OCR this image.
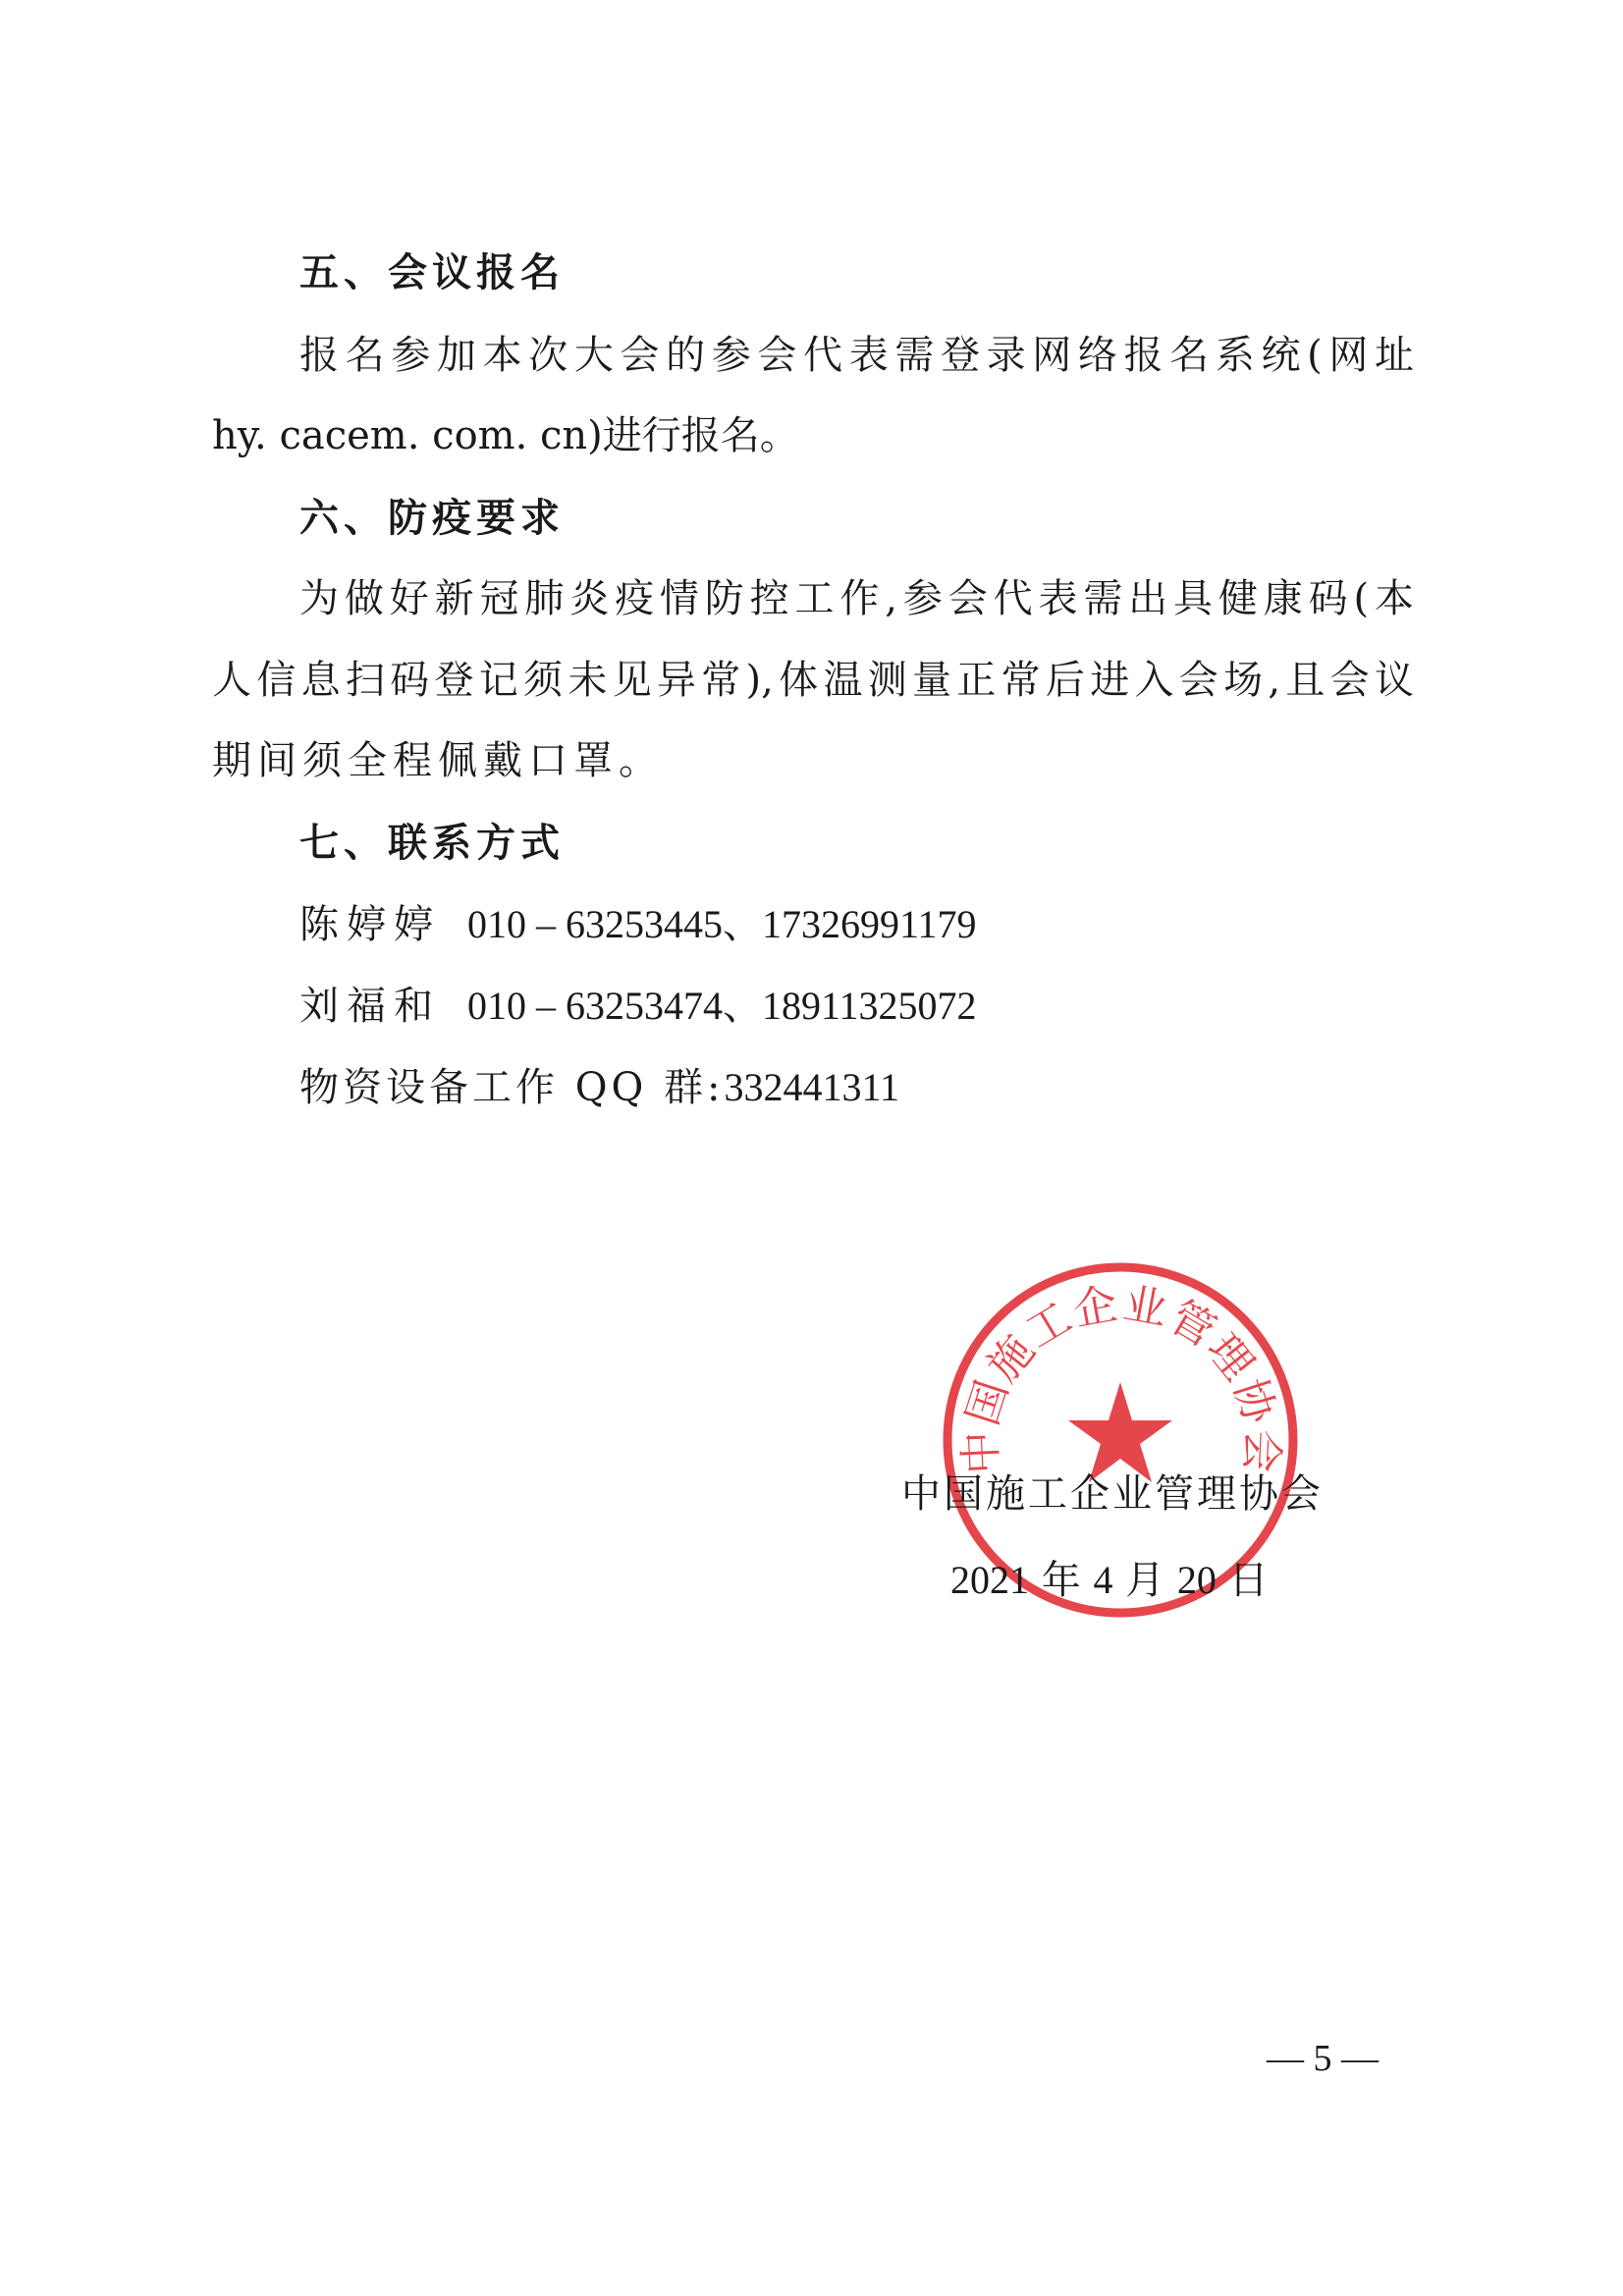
五、会议报名
报名参加本次大会的参会代表需登录网络报名系统(网址
hy. cacem. com. cn)进行报名。
六、防疫要求
为做好新冠肺炎疫情防控工作,参会代表需出具健康码(本
人信息扫码登记须未见异常),体温测量正常后进入会场,且会议
期间须全程佩戴口罩。
七、联系方式
陈婷婷 010 – 63253445、17326991179
刘福和 010 – 63253474、18911325072
物资设备工作 QQ 群:332441311
中国施工企业管理协会
中国施工企业管理协会
2021 年 4 月 20 日
— 5 —
